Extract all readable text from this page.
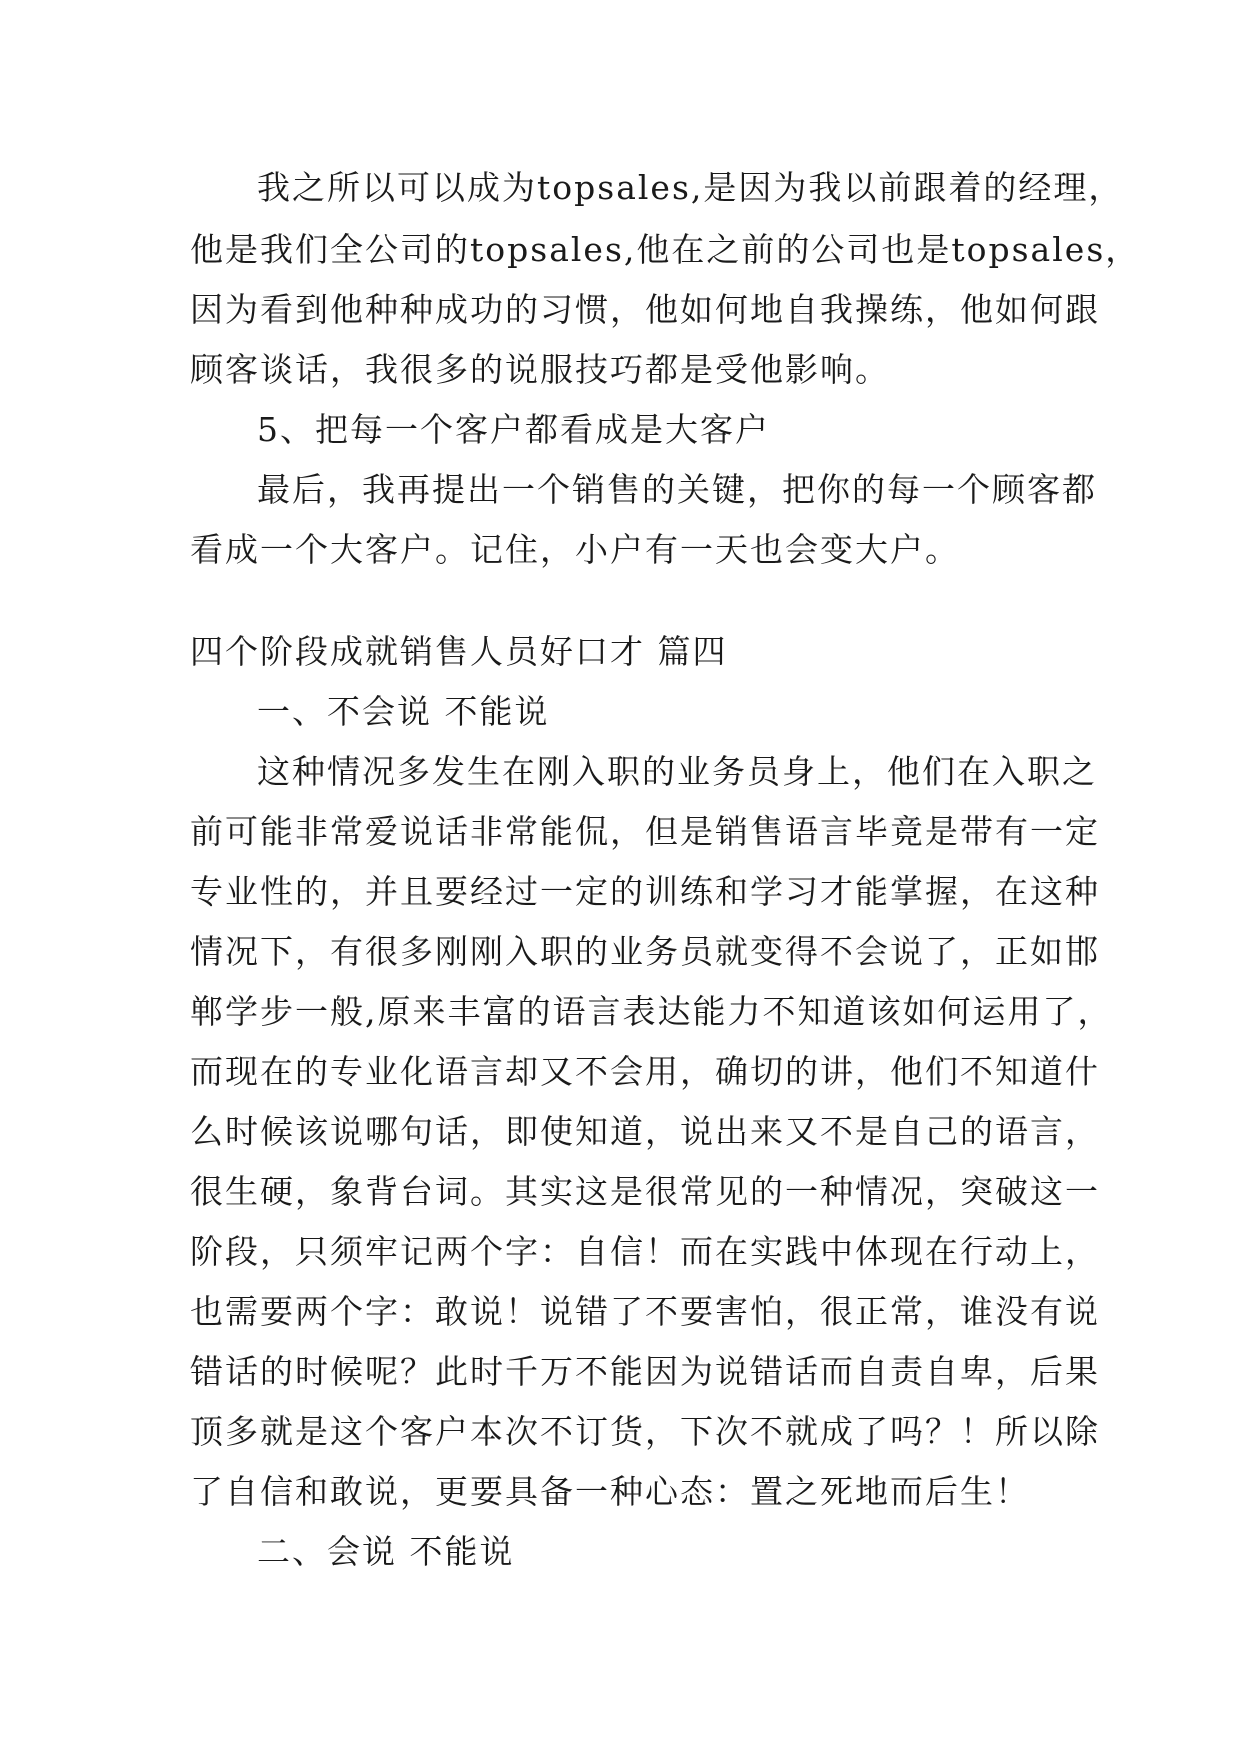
我之所以可以成为topsales,是因为我以前跟着的经理，
他是我们全公司的topsales,他在之前的公司也是topsales，
因为看到他种种成功的习惯，他如何地自我操练，他如何跟
顾客谈话，我很多的说服技巧都是受他影响。
5、把每一个客户都看成是大客户
最后，我再提出一个销售的关键，把你的每一个顾客都
看成一个大客户。记住，小户有一天也会变大户。
四个阶段成就销售人员好口才 篇四
一、不会说 不能说
这种情况多发生在刚入职的业务员身上，他们在入职之
前可能非常爱说话非常能侃，但是销售语言毕竟是带有一定
专业性的，并且要经过一定的训练和学习才能掌握，在这种
情况下，有很多刚刚入职的业务员就变得不会说了，正如邯
郸学步一般,原来丰富的语言表达能力不知道该如何运用了，
而现在的专业化语言却又不会用，确切的讲，他们不知道什
么时候该说哪句话，即使知道，说出来又不是自己的语言，
很生硬，象背台词。其实这是很常见的一种情况，突破这一
阶段，只须牢记两个字：自信！而在实践中体现在行动上，
也需要两个字：敢说！说错了不要害怕，很正常，谁没有说
错话的时候呢？此时千万不能因为说错话而自责自卑，后果
顶多就是这个客户本次不订货，下次不就成了吗？！所以除
了自信和敢说，更要具备一种心态：置之死地而后生！
二、会说 不能说
